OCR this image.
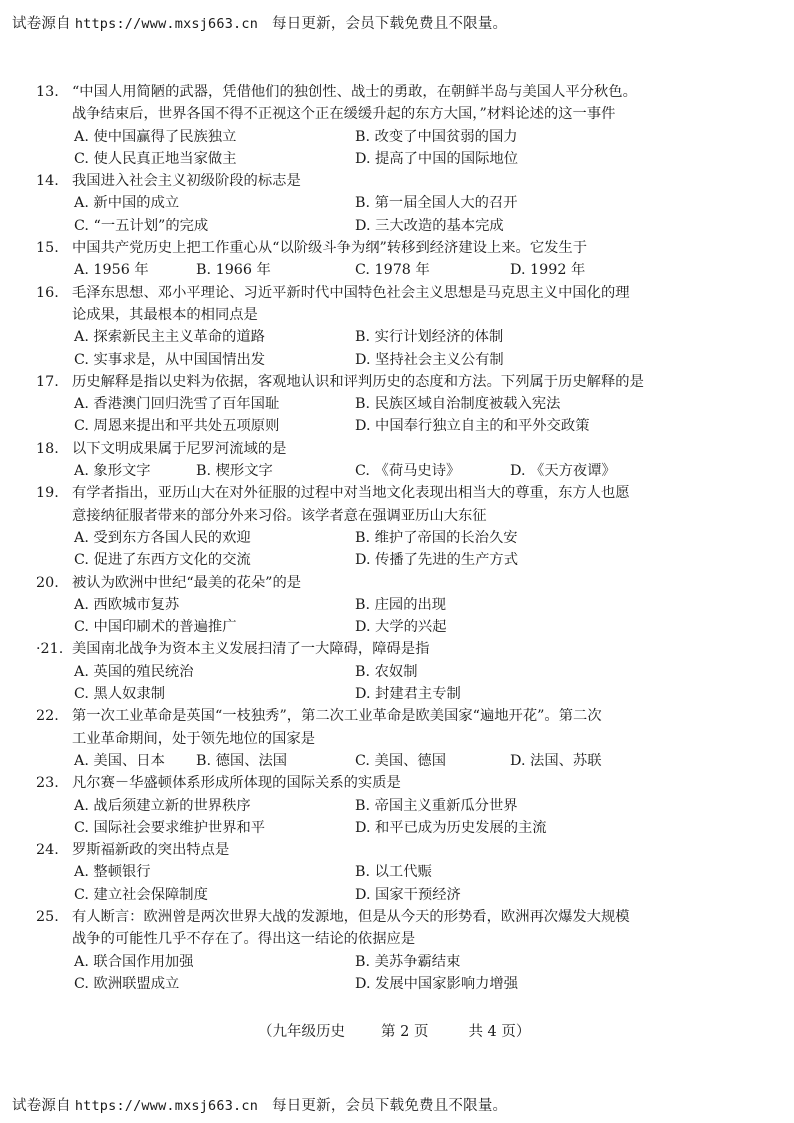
试卷源自 https://www.mxsj663.cn 每日更新，会员下载免费且不限量。
13. “中国人用简陋的武器，凭借他们的独创性、战士的勇敢，在朝鲜半岛与美国人平分秋色。
战争结束后，世界各国不得不正视这个正在缓缓升起的东方大国，”材料论述的这一事件
A. 使中国赢得了民族独立	B. 改变了中国贫弱的国力
C. 使人民真正地当家做主	D. 提高了中国的国际地位
14. 我国进入社会主义初级阶段的标志是
A. 新中国的成立	B. 第一届全国人大的召开
C. “一五计划”的完成	D. 三大改造的基本完成
15. 中国共产党历史上把工作重心从“以阶级斗争为纲”转移到经济建设上来。它发生于
A. 1956 年	B. 1966 年	C. 1978 年	D. 1992 年
16. 毛泽东思想、邓小平理论、习近平新时代中国特色社会主义思想是马克思主义中国化的理
论成果，其最根本的相同点是
A. 探索新民主主义革命的道路	B. 实行计划经济的体制
C. 实事求是，从中国国情出发	D. 坚持社会主义公有制
17. 历史解释是指以史料为依据，客观地认识和评判历史的态度和方法。下列属于历史解释的是
A. 香港澳门回归洗雪了百年国耻	B. 民族区域自治制度被载入宪法
C. 周恩来提出和平共处五项原则	D. 中国奉行独立自主的和平外交政策
18. 以下文明成果属于尼罗河流域的是
A. 象形文字	B. 楔形文字	C. 《荷马史诗》	D. 《天方夜谭》
19. 有学者指出，亚历山大在对外征服的过程中对当地文化表现出相当大的尊重，东方人也愿
意接纳征服者带来的部分外来习俗。该学者意在强调亚历山大东征
A. 受到东方各国人民的欢迎	B. 维护了帝国的长治久安
C. 促进了东西方文化的交流	D. 传播了先进的生产方式
20. 被认为欧洲中世纪“最美的花朵”的是
A. 西欧城市复苏	B. 庄园的出现
C. 中国印刷术的普遍推广	D. 大学的兴起
·21. 美国南北战争为资本主义发展扫清了一大障碍，障碍是指
A. 英国的殖民统治	B. 农奴制
C. 黑人奴隶制	D. 封建君主专制
22. 第一次工业革命是英国“一枝独秀”，第二次工业革命是欧美国家“遍地开花”。第二次
工业革命期间，处于领先地位的国家是
A. 美国、日本 B. 德国、法国	C. 美国、德国	D. 法国、苏联
23. 凡尔赛－华盛顿体系形成所体现的国际关系的实质是
A. 战后须建立新的世界秩序	B. 帝国主义重新瓜分世界
C. 国际社会要求维护世界和平	D. 和平已成为历史发展的主流
24. 罗斯福新政的突出特点是
A. 整顿银行	B. 以工代赈
C. 建立社会保障制度	D. 国家干预经济
25. 有人断言：欧洲曾是两次世界大战的发源地，但是从今天的形势看，欧洲再次爆发大规模
战争的可能性几乎不存在了。得出这一结论的依据应是
A. 联合国作用加强	B. 美苏争霸结束
C. 欧洲联盟成立	D. 发展中国家影响力增强
（九年级历史 第 2 页	共 4 页）
试卷源自 https://www.mxsj663.cn 每日更新，会员下载免费且不限量。
